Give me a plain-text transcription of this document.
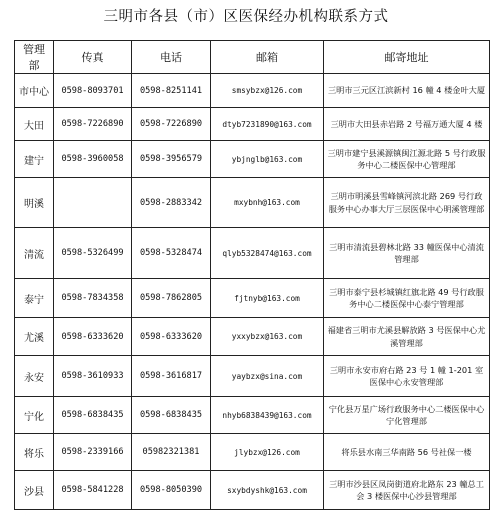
三明市各县（市）区医保经办机构联系方式
管理部	传真	电话	邮箱	邮寄地址
市中心	0598-8093701	0598-8251141	smsybzx@126.com	三明市三元区江滨新村 16 幢 4 楼金叶大厦
大田	0598-7226890	0598-7226890	dtyb7231890@163.com	三明市大田县赤岩路 2 号福万通大厦 4 楼
建宁	0598-3960058	0598-3956579	ybjnglb@163.com	三明市建宁县溪源镇闽江源北路 5 号行政服务中心二楼医保中心管理部
明溪		0598-2883342	mxybnh@163.com	三明市明溪县雪峰镇河滨北路 269 号行政服务中心办事大厅三层医保中心明溪管理部
清流	0598-5326499	0598-5328474	qlyb5328474@163.com	三明市清流县碧林北路 33 幢医保中心清流管理部
泰宁	0598-7834358	0598-7862805	fjtnyb@163.com	三明市泰宁县杉城镇红旗北路 49 号行政服务中心二楼医保中心泰宁管理部
尤溪	0598-6333620	0598-6333620	yxxybzx@163.com	福建省三明市尤溪县解放路 3 号医保中心尤溪管理部
永安	0598-3610933	0598-3616817	yaybzx@sina.com	三明市永安市府右路 23 号 1 幢 1-201 室医保中心永安管理部
宁化	0598-6838435	0598-6838435	nhyb6838439@163.com	宁化县万星广场行政服务中心二楼医保中心宁化管理部
将乐	0598-2339166	05982321381	jlybzx@126.com	将乐县水南三华南路 56 号社保一楼
沙县	0598-5841228	0598-8050390	sxybdyshk@163.com	三明市沙县区凤岗街道府北路东 23 幢总工会 3 楼医保中心沙县管理部
